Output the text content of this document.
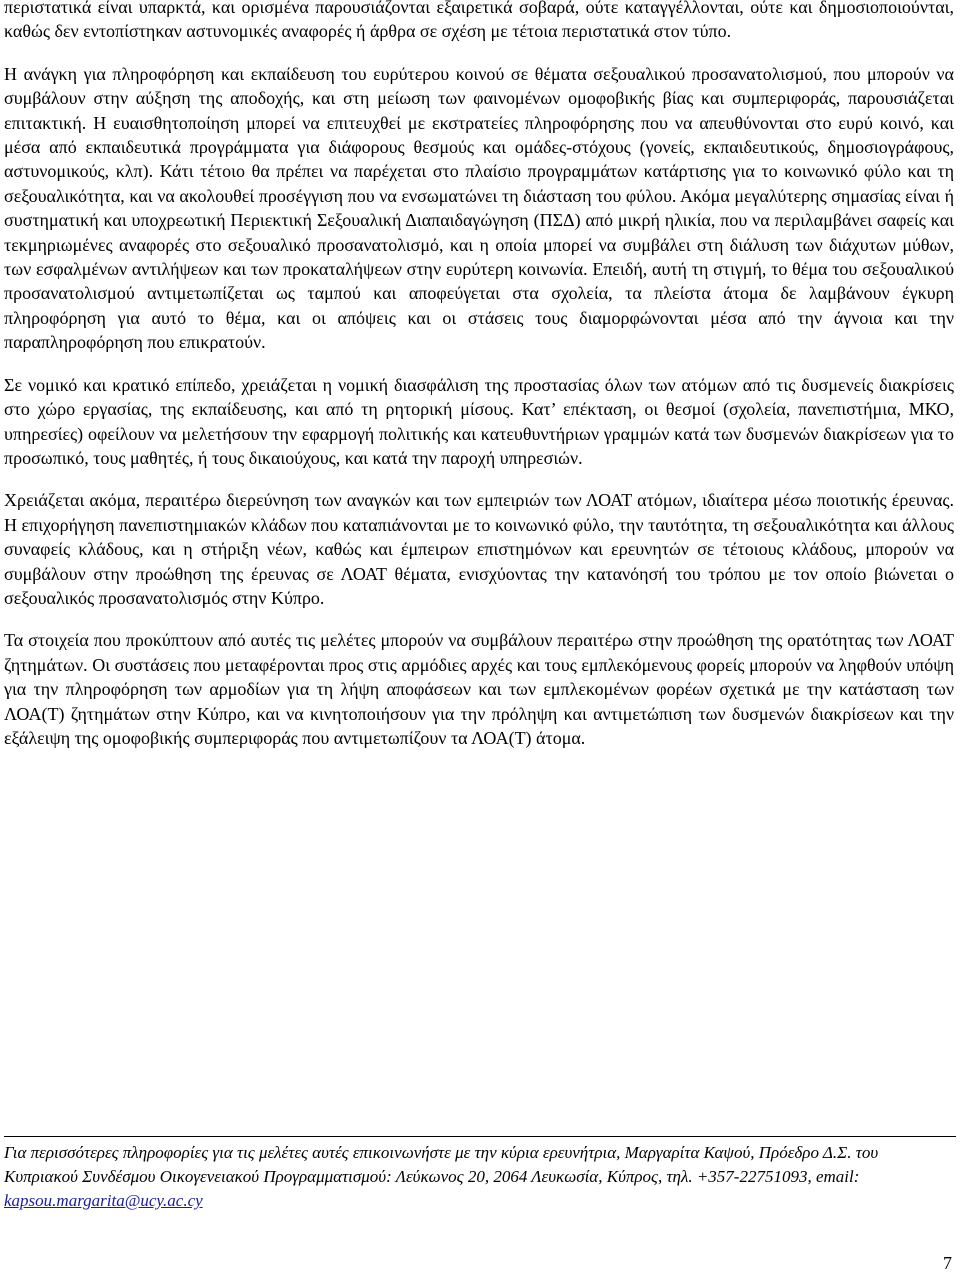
περιστατικά είναι υπαρκτά, και ορισμένα παρουσιάζονται εξαιρετικά σοβαρά, ούτε καταγγέλλονται, ούτε και δημοσιοποιούνται, καθώς δεν εντοπίστηκαν αστυνομικές αναφορές ή άρθρα σε σχέση με τέτοια περιστατικά στον τύπο.

Η ανάγκη για πληροφόρηση και εκπαίδευση του ευρύτερου κοινού σε θέματα σεξουαλικού προσανατολισμού, που μπορούν να συμβάλουν στην αύξηση της αποδοχής, και στη μείωση των φαινομένων ομοφοβικής βίας και συμπεριφοράς, παρουσιάζεται επιτακτική. Η ευαισθητοποίηση μπορεί να επιτευχθεί με εκστρατείες πληροφόρησης που να απευθύνονται στο ευρύ κοινό, και μέσα από εκπαιδευτικά προγράμματα για διάφορους θεσμούς και ομάδες-στόχους (γονείς, εκπαιδευτικούς, δημοσιογράφους, αστυνομικούς, κλπ). Κάτι τέτοιο θα πρέπει να παρέχεται στο πλαίσιο προγραμμάτων κατάρτισης για το κοινωνικό φύλο και τη σεξουαλικότητα, και να ακολουθεί προσέγγιση που να ενσωματώνει τη διάσταση του φύλου. Ακόμα μεγαλύτερης σημασίας είναι ή συστηματική και υποχρεωτική Περιεκτική Σεξουαλική Διαπαιδαγώγηση (ΠΣΔ) από μικρή ηλικία, που να περιλαμβάνει σαφείς και τεκμηριωμένες αναφορές στο σεξουαλικό προσανατολισμό, και η οποία μπορεί να συμβάλει στη διάλυση των διάχυτων μύθων, των εσφαλμένων αντιλήψεων και των προκαταλήψεων στην ευρύτερη κοινωνία. Επειδή, αυτή τη στιγμή, το θέμα του σεξουαλικού προσανατολισμού αντιμετωπίζεται ως ταμπού και αποφεύγεται στα σχολεία, τα πλείστα άτομα δε λαμβάνουν έγκυρη πληροφόρηση για αυτό το θέμα, και οι απόψεις και οι στάσεις τους διαμορφώνονται μέσα από την άγνοια και την παραπληροφόρηση που επικρατούν.

Σε νομικό και κρατικό επίπεδο, χρειάζεται η νομική διασφάλιση της προστασίας όλων των ατόμων από τις δυσμενείς διακρίσεις στο χώρο εργασίας, της εκπαίδευσης, και από τη ρητορική μίσους. Κατ’ επέκταση, οι θεσμοί (σχολεία, πανεπιστήμια, ΜΚΟ, υπηρεσίες) οφείλουν να μελετήσουν την εφαρμογή πολιτικής και κατευθυντήριων γραμμών κατά των δυσμενών διακρίσεων για το προσωπικό, τους μαθητές, ή τους δικαιούχους, και κατά την παροχή υπηρεσιών.

Χρειάζεται ακόμα, περαιτέρω διερεύνηση των αναγκών και των εμπειριών των ΛΟΑΤ ατόμων, ιδιαίτερα μέσω ποιοτικής έρευνας. Η επιχορήγηση πανεπιστημιακών κλάδων που καταπιάνονται με το κοινωνικό φύλο, την ταυτότητα, τη σεξουαλικότητα και άλλους συναφείς κλάδους, και η στήριξη νέων, καθώς και έμπειρων επιστημόνων και ερευνητών σε τέτοιους κλάδους, μπορούν να συμβάλουν στην προώθηση της έρευνας σε ΛΟΑΤ θέματα, ενισχύοντας την κατανόησή του τρόπου με τον οποίο βιώνεται ο σεξουαλικός προσανατολισμός στην Κύπρο.

Τα στοιχεία που προκύπτουν από αυτές τις μελέτες μπορούν να συμβάλουν περαιτέρω στην προώθηση της ορατότητας των ΛΟΑΤ ζητημάτων. Οι συστάσεις που μεταφέρονται προς στις αρμόδιες αρχές και τους εμπλεκόμενους φορείς μπορούν να ληφθούν υπόψη για την πληροφόρηση των αρμοδίων για τη λήψη αποφάσεων και των εμπλεκομένων φορέων σχετικά με την κατάσταση των ΛΟΑ(Τ) ζητημάτων στην Κύπρο, και να κινητοποιήσουν για την πρόληψη και αντιμετώπιση των δυσμενών διακρίσεων και την εξάλειψη της ομοφοβικής συμπεριφοράς που αντιμετωπίζουν τα ΛΟΑ(Τ) άτομα.

Για περισσότερες πληροφορίες για τις μελέτες αυτές επικοινωνήστε με την κύρια ερευνήτρια, Μαργαρίτα Καψού, Πρόεδρο Δ.Σ. του Κυπριακού Συνδέσμου Οικογενειακού Προγραμματισμού: Λεύκωνος 20, 2064 Λευκωσία, Κύπρος, τηλ. +357-22751093, email: kapsou.margarita@ucy.ac.cy

7
